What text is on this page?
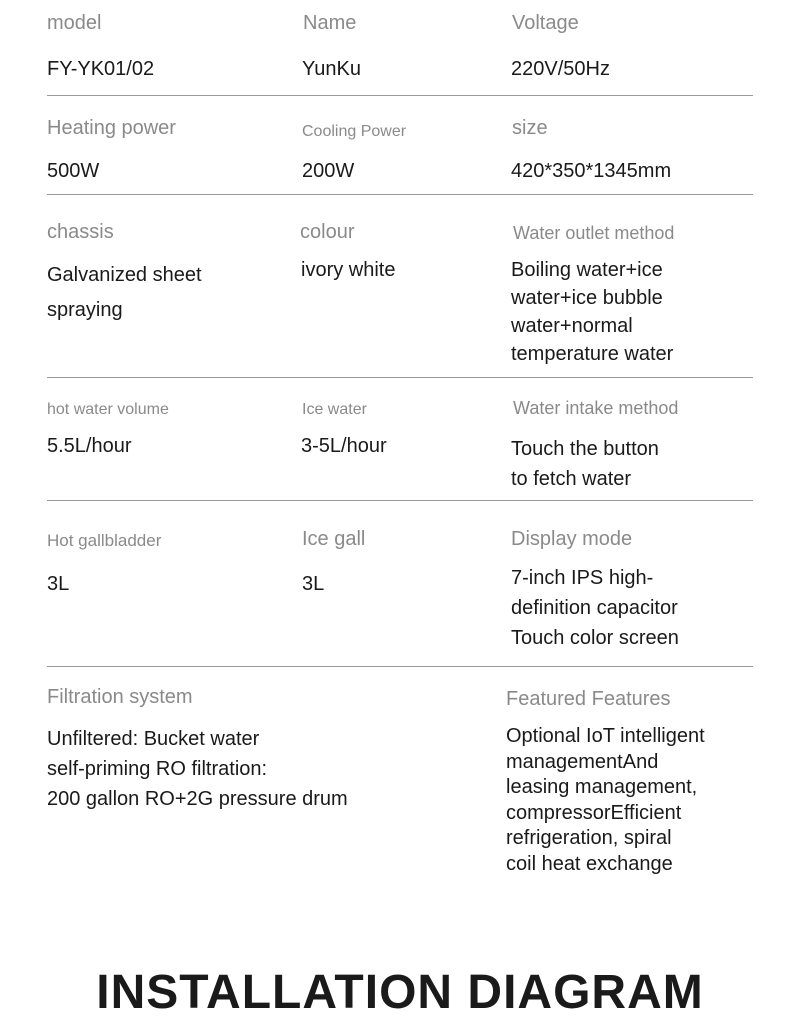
model
FY-YK01/02
Name
YunKu
Voltage
220V/50Hz
Heating power
500W
Cooling Power
200W
size
420*350*1345mm
chassis
Galvanized sheet
spraying
colour
ivory white
Water outlet method
Boiling water+ice
water+ice bubble
water+normal
temperature water
hot water volume
5.5L/hour
Ice water
3-5L/hour
Water intake method
Touch the button
to fetch water
Hot gallbladder
3L
Ice gall
3L
Display mode
7-inch IPS high-
definition capacitor
Touch color screen
Filtration system
Unfiltered: Bucket water
self-priming RO filtration:
200 gallon RO+2G pressure drum
Featured Features
Optional IoT intelligent
managementAnd
leasing management,
compressorEfficient
refrigeration, spiral
coil heat exchange
INSTALLATION DIAGRAM
